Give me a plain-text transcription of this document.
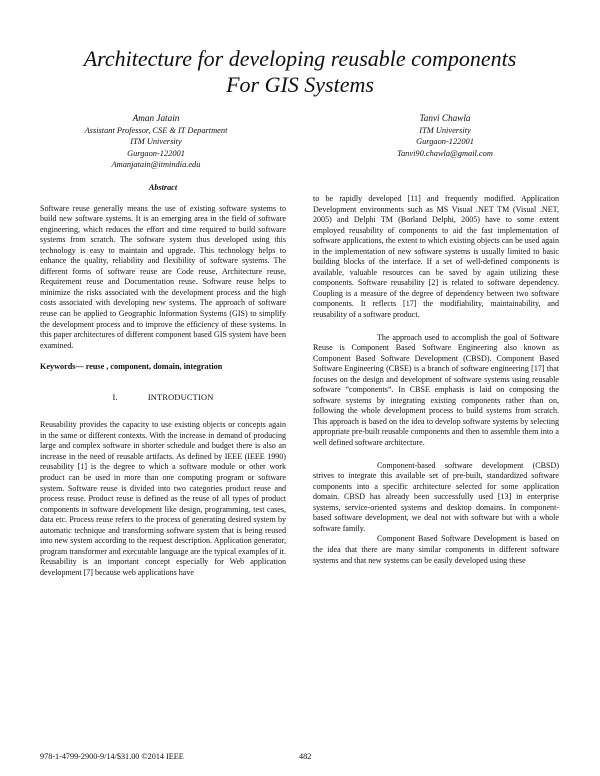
Architecture for developing reusable components
For GIS Systems
Aman Jatain
Assistant Professor, CSE & IT Department
ITM University
Gurgaon-122001
Amanjatain@itmindia.edu
Tanvi Chawla
ITM University
Gurgaon-122001
Tanvi90.chawla@gmail.com
Abstract

Software reuse generally means the use of existing software systems to build new software systems. It is an emerging area in the field of software engineering, which reduces the effort and time required to build software systems from scratch. The software system thus developed using this technology is easy to maintain and upgrade. This technology helps to enhance the quality, reliability and flexibility of software systems. The different forms of software reuse are Code reuse, Architecture reuse, Requirement reuse and Documentation reuse. Software reuse helps to minimize the risks associated with the development process and the high costs associated with developing new systems. The approach of software reuse can be applied to Geographic Information Systems (GIS) to simplify the development process and to improve the efficiency of these systems. In this paper architectures of different component based GIS system have been examined.

Keywords— reuse , component, domain, integration
I.	INTRODUCTION

Reusability provides the capacity to use existing objects or concepts again in the same or different contexts. With the increase in demand of producing large and complex software in shorter schedule and budget there is also an increase in the need of reusable artifacts. As defined by IEEE (IEEE 1990) reusability [1] is the degree to which a software module or other work product can be used in more than one computing program or software system. Software reuse is divided into two categories product reuse and process reuse. Product reuse is defined as the reuse of all types of product components in software development like design, programming, test cases, data etc. Process reuse refers to the process of generating desired system by automatic technique and transforming software system that is being reused into new system according to the request description. Application generator, program transformer and executable language are the typical examples of it. Reusability is an important concept especially for Web application development [7] because web applications have

to be rapidly developed [11] and frequently modified. Application Development environments such as MS Visual .NET TM (Visual .NET, 2005) and Delphi TM (Borland Delphi, 2005) have to some extent employed reusability of components to aid the fast implementation of software applications, the extent to which existing objects can be used again in the implementation of new software systems is usually limited to basic building blocks of the interface. If a set of well-defined components is available, valuable resources can be saved by again utilizing these components. Software reusability [2] is related to software dependency. Coupling is a measure of the degree of dependency between two software components. It reflects [17] the modifiability, maintainability, and reusability of a software product.

The approach used to accomplish the goal of Software Reuse is Component Based Software Engineering also known as Component Based Software Development (CBSD). Component Based Software Engineering (CBSE) is a branch of software engineering [17] that focuses on the design and development of software systems using reusable software “components”. In CBSE emphasis is laid on composing the software systems by integrating existing components rather than on, following the whole development process to build systems from scratch. This approach is based on the idea to develop software systems by selecting appropriate pre-built reusable components and then to assemble them into a well defined software architecture.

Component-based software development (CBSD) strives to integrate this available set of pre-built, standardized software components into a specific architecture selected for some application domain. CBSD has already been successfully used [13] in enterprise systems, service-oriented systems and desktop domains. In component-based software development, we deal not with software but with a whole software family.

Component Based Software Development is based on the idea that there are many similar components in different software systems and that new systems can be easily developed using these

978-1-4799-2900-9/14/$31.00 ©2014 IEEE	482
